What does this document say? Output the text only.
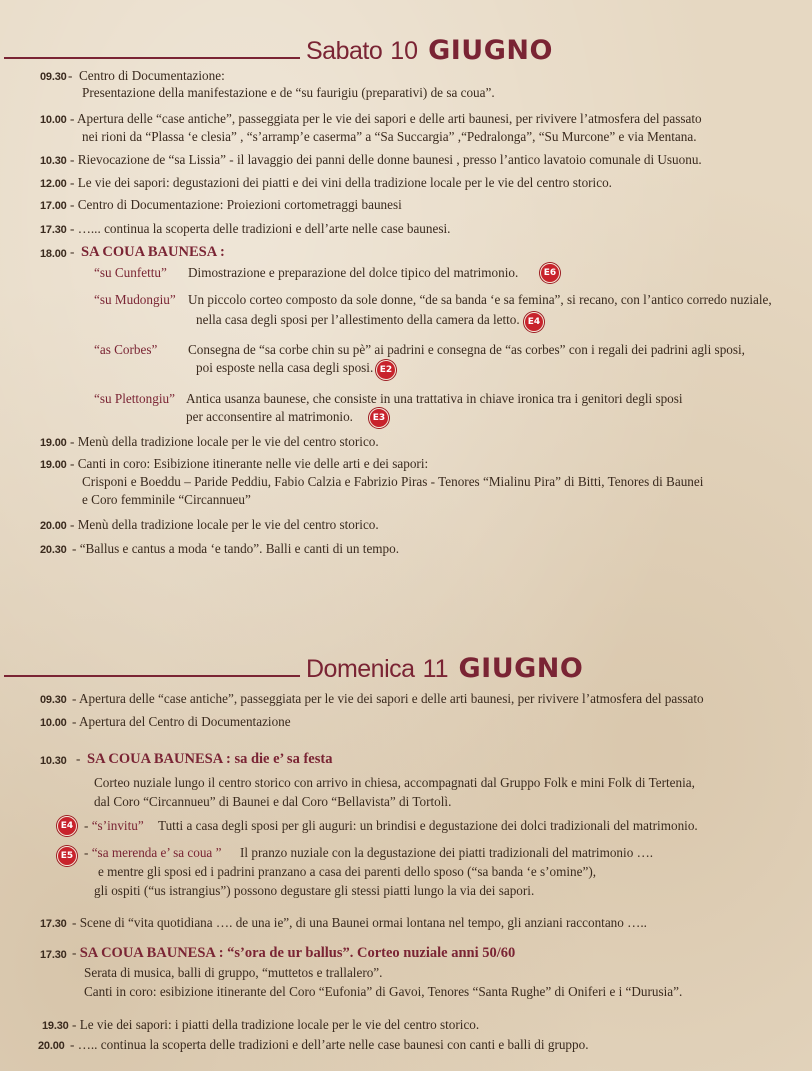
Sabato 10 GIUGNO
09.30 -  Centro di Documentazione:
Presentazione della manifestazione e de “su faurigiu (preparativi) de sa coua”.
10.00 - Apertura delle “case antiche”, passeggiata per le vie dei sapori e delle arti baunesi, per rivivere l’atmosfera del passato
nei rioni da “Plassa ‘e clesia” , “s’arramp’e caserma” a “Sa Succargia” ,“Pedralonga”, “Su Murcone” e via Mentana.
10.30 - Rievocazione de “sa Lissia” - il lavaggio dei panni delle donne baunesi , presso l’antico lavatoio comunale di Usuonu.
12.00 - Le vie dei sapori: degustazioni dei piatti e dei vini della tradizione locale per le vie del centro storico.
17.00 - Centro di Documentazione: Proiezioni cortometraggi baunesi
17.30 - …... continua la scoperta delle tradizioni e dell’arte nelle case baunesi.
18.00 -  SA COUA BAUNESA :
“su Cunfettu” Dimostrazione e preparazione del dolce tipico del matrimonio.	E6
“su Mudongiu” Un piccolo corteo composto da sole donne, “de sa banda ‘e sa femina”, si recano, con l’antico corredo nuziale,
nella casa degli sposi per l’allestimento della camera da letto. E4
“as Corbes” Consegna de “sa corbe chin su pè” ai padrini e consegna de “as corbes” con i regali dei padrini agli sposi,
poi esposte nella casa degli sposi. E2
“su Plettongiu” Antica usanza baunese, che consiste in una trattativa in chiave ironica tra i genitori degli sposi
per acconsentire al matrimonio.	E3
19.00 - Menù della tradizione locale per le vie del centro storico.
19.00 - Canti in coro: Esibizione itinerante nelle vie delle arti e dei sapori:
Crisponi e Boeddu – Paride Peddiu, Fabio Calzia e Fabrizio Piras - Tenores “Mialinu Pira” di Bitti, Tenores di Baunei
e Coro femminile “Circannueu”
20.00 - Menù della tradizione locale per le vie del centro storico.
20.30 - “Ballus e cantus a moda ‘e tando”. Balli e canti di un tempo.
Domenica 11 GIUGNO
09.30 - Apertura delle “case antiche”, passeggiata per le vie dei sapori e delle arti baunesi, per rivivere l’atmosfera del passato
10.00 - Apertura del Centro di Documentazione
10.30 -  SA COUA BAUNESA : sa die e’ sa festa
Corteo nuziale lungo il centro storico con arrivo in chiesa, accompagnati dal Gruppo Folk e mini Folk di Tertenia,
dal Coro “Circannueu” di Baunei e dal Coro “Bellavista” di Tortolì.
E4 - “s’invitu” Tutti a casa degli sposi per gli auguri: un brindisi e degustazione dei dolci tradizionali del matrimonio.
E5 - “sa merenda e’ sa coua ” Il pranzo nuziale con la degustazione dei piatti tradizionali del matrimonio ….
e mentre gli sposi ed i padrini pranzano a casa dei parenti dello sposo (“sa banda ‘e s’omine”),
gli ospiti (“us istrangius”) possono degustare gli stessi piatti lungo la via dei sapori.
17.30 - Scene di “vita quotidiana …. de una ie”, di una Baunei ormai lontana nel tempo, gli anziani raccontano …..
17.30 - SA COUA BAUNESA : “s’ora de ur ballus”. Corteo nuziale anni 50/60
Serata di musica, balli di gruppo, “muttetos e trallalero”.
Canti in coro: esibizione itinerante del Coro “Eufonia” di Gavoi, Tenores “Santa Rughe” di Oniferi e i “Durusia”.
19.30 - Le vie dei sapori: i piatti della tradizione locale per le vie del centro storico.
20.00 - ….. continua la scoperta delle tradizioni e dell’arte nelle case baunesi con canti e balli di gruppo.
